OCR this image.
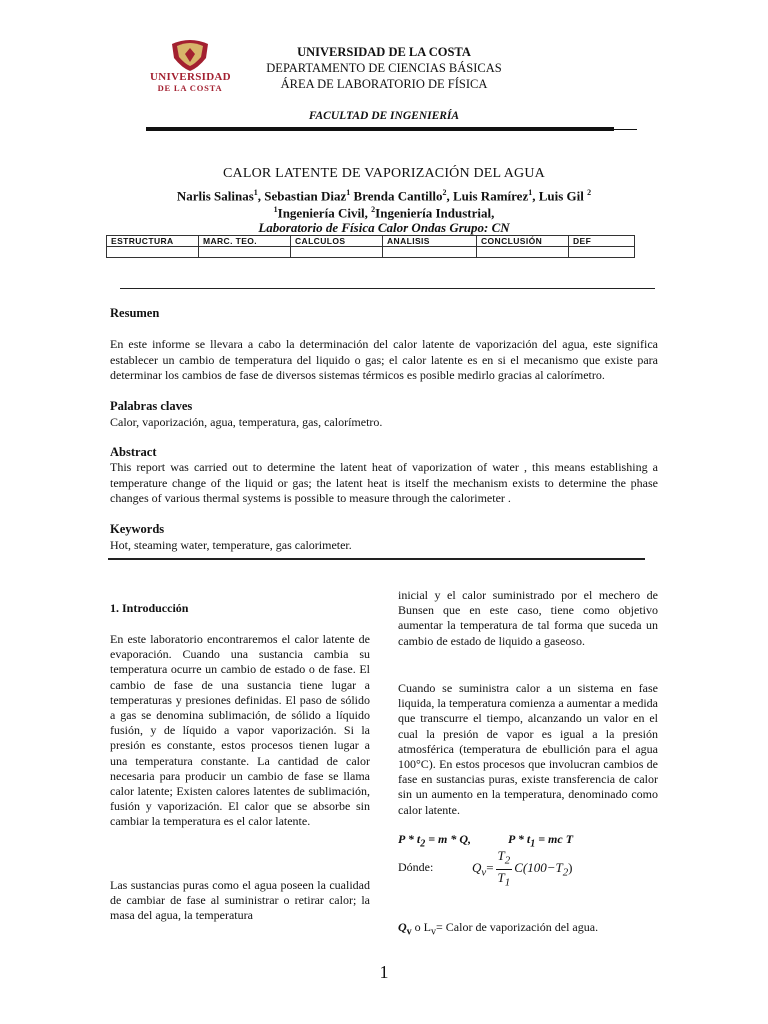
UNIVERSIDAD
DE LA COSTA
UNIVERSIDAD DE LA COSTA
DEPARTAMENTO DE CIENCIAS BÁSICAS
ÁREA DE LABORATORIO DE FÍSICA
FACULTAD DE INGENIERÍA
CALOR LATENTE DE VAPORIZACIÓN DEL AGUA
Narlis Salinas$^1$, Sebastian Diaz$^1$ Brenda Cantillo$^2$, Luis Ramírez$^1$, Luis Gil $^2$
$^1$Ingeniería Civil, $^2$Ingeniería Industrial,
Laboratorio de Física Calor Ondas Grupo: CN
ESTRUCTURA	MARC. TEO.	CALCULOS	ANALISIS	CONCLUSIÓN	DEF

Resumen
En este informe se llevara a cabo la determinación del calor latente de vaporización del agua, este significa establecer un cambio de temperatura del liquido o gas; el calor latente es en si el mecanismo que existe para determinar los cambios de fase de diversos sistemas térmicos es posible medirlo gracias al calorímetro.
Palabras claves
Calor, vaporización, agua, temperatura, gas, calorímetro.
Abstract
This report was carried out to determine the latent heat of vaporization of water , this means establishing a temperature change of the liquid or gas; the latent heat is itself the mechanism exists to determine the phase changes of various thermal systems is possible to measure through the calorimeter .
Keywords
Hot, steaming water, temperature, gas calorimeter.
1. Introducción
En este laboratorio encontraremos el calor latente de evaporación. Cuando una sustancia cambia su temperatura ocurre un cambio de estado o de fase. El cambio de fase de una sustancia tiene lugar a temperaturas y presiones definidas. El paso de sólido a gas se denomina sublimación, de sólido a líquido fusión, y de líquido a vapor vaporización. Si la presión es constante, estos procesos tienen lugar a una temperatura constante. La cantidad de calor necesaria para producir un cambio de fase se llama calor latente; Existen calores latentes de sublimación, fusión y vaporización. El calor que se absorbe sin cambiar la temperatura es el calor latente.
Las sustancias puras como el agua poseen la cualidad de cambiar de fase al suministrar o retirar calor; la masa del agua, la temperatura
inicial y el calor suministrado por el mechero de Bunsen que en este caso, tiene como objetivo aumentar la temperatura de tal forma que suceda un cambio de estado de liquido a gaseoso.
Cuando se suministra calor a un sistema en fase liquida, la temperatura comienza a aumentar a medida que transcurre el tiempo, alcanzando un valor en el cual la presión de vapor es igual a la presión atmosférica (temperatura de ebullición para el agua 100°C). En estos procesos que involucran cambios de fase en sustancias puras, existe transferencia de calor sin un aumento en la temperatura, denominado como calor latente.
$P * t_2 = m * Q$,	P * $t_1$ = mc T
Dónde:	$Q_v= \frac{T_2}{T_1} C(100-T_2)$
$Q_v$ o $L_v=$ Calor de vaporización del agua.
1
